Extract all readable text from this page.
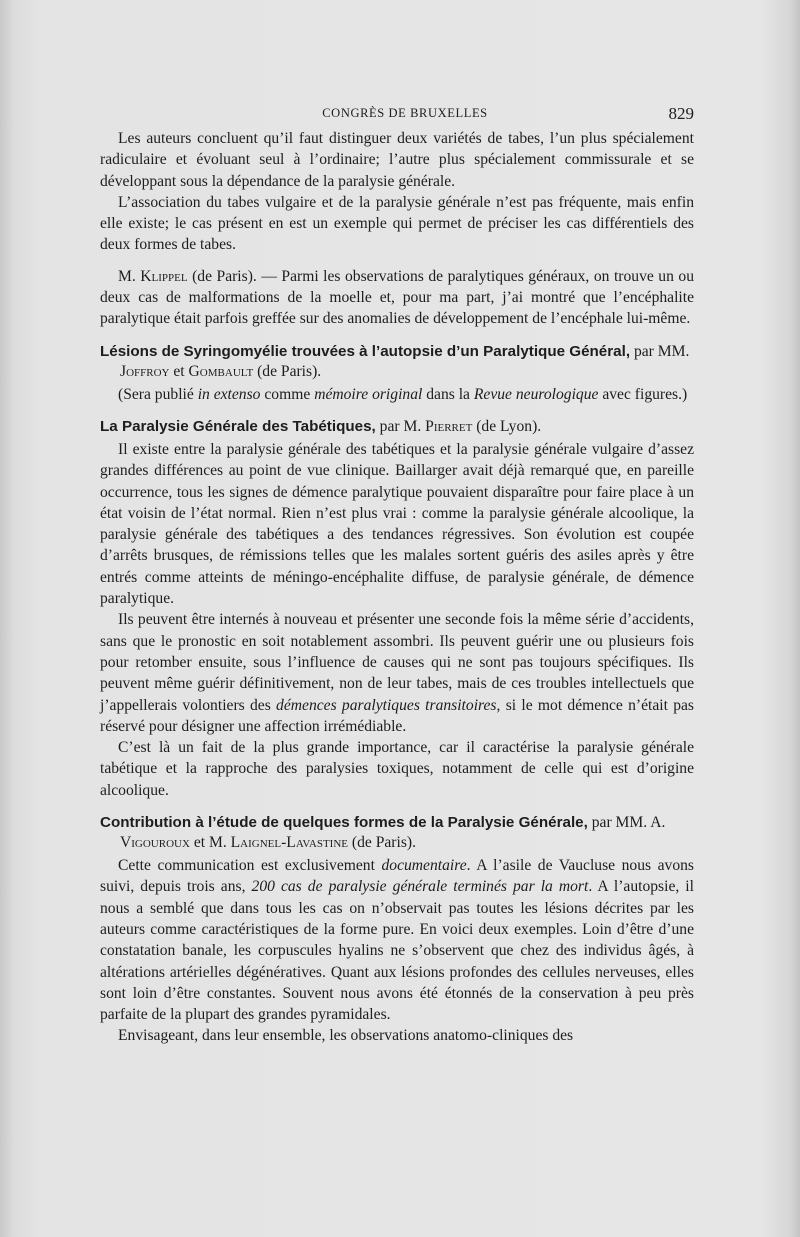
CONGRÈS DE BRUXELLES	829

Les auteurs concluent qu’il faut distinguer deux variétés de tabes, l’un plus spécialement radiculaire et évoluant seul à l’ordinaire; l’autre plus spécialement commissurale et se développant sous la dépendance de la paralysie générale.

L’association du tabes vulgaire et de la paralysie générale n’est pas fréquente, mais enfin elle existe; le cas présent en est un exemple qui permet de préciser les cas différentiels des deux formes de tabes.

M. Klippel (de Paris). — Parmi les observations de paralytiques généraux, on trouve un ou deux cas de malformations de la moelle et, pour ma part, j’ai montré que l’encéphalite paralytique était parfois greffée sur des anomalies de développement de l’encéphale lui-même.

Lésions de Syringomyélie trouvées à l’autopsie d’un Paralytique Général, par MM. Joffroy et Gombault (de Paris).

(Sera publié in extenso comme mémoire original dans la Revue neurologique avec figures.)

La Paralysie Générale des Tabétiques, par M. Pierret (de Lyon).

Il existe entre la paralysie générale des tabétiques et la paralysie générale vulgaire d’assez grandes différences au point de vue clinique. Baillarger avait déjà remarqué que, en pareille occurrence, tous les signes de démence paralytique pouvaient disparaître pour faire place à un état voisin de l’état normal. Rien n’est plus vrai : comme la paralysie générale alcoolique, la paralysie générale des tabétiques a des tendances régressives. Son évolution est coupée d’arrêts brusques, de rémissions telles que les malales sortent guéris des asiles après y être entrés comme atteints de méningo-encéphalite diffuse, de paralysie générale, de démence paralytique.

Ils peuvent être internés à nouveau et présenter une seconde fois la même série d’accidents, sans que le pronostic en soit notablement assombri. Ils peuvent guérir une ou plusieurs fois pour retomber ensuite, sous l’influence de causes qui ne sont pas toujours spécifiques. Ils peuvent même guérir définitivement, non de leur tabes, mais de ces troubles intellectuels que j’appellerais volontiers des démences paralytiques transitoires, si le mot démence n’était pas réservé pour désigner une affection irrémédiable.

C’est là un fait de la plus grande importance, car il caractérise la paralysie générale tabétique et la rapproche des paralysies toxiques, notamment de celle qui est d’origine alcoolique.

Contribution à l’étude de quelques formes de la Paralysie Générale, par MM. A. Vigouroux et M. Laignel-Lavastine (de Paris).

Cette communication est exclusivement documentaire. A l’asile de Vaucluse nous avons suivi, depuis trois ans, 200 cas de paralysie générale terminés par la mort. A l’autopsie, il nous a semblé que dans tous les cas on n’observait pas toutes les lésions décrites par les auteurs comme caractéristiques de la forme pure. En voici deux exemples. Loin d’être d’une constatation banale, les corpuscules hyalins ne s’observent que chez des individus âgés, à altérations artérielles dégénératives. Quant aux lésions profondes des cellules nerveuses, elles sont loin d’être constantes. Souvent nous avons été étonnés de la conservation à peu près parfaite de la plupart des grandes pyramidales.

Envisageant, dans leur ensemble, les observations anatomo-cliniques des
